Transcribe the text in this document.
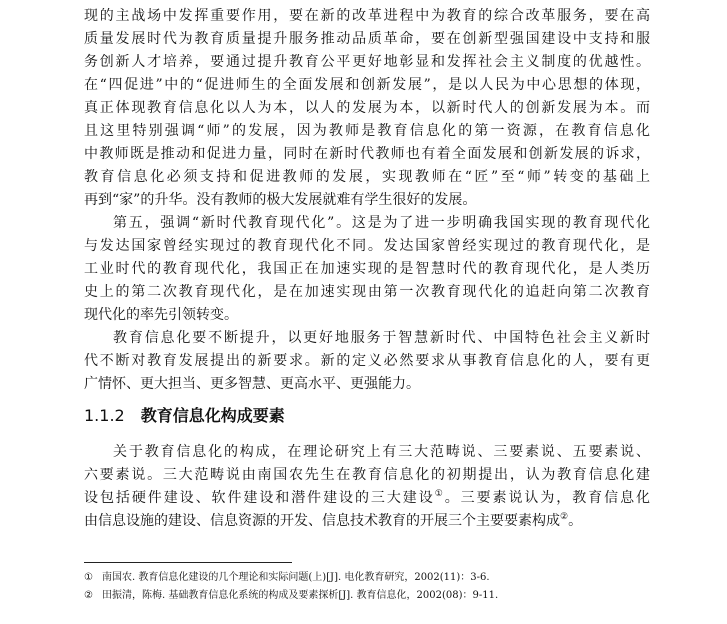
现的主战场中发挥重要作用，要在新的改革进程中为教育的综合改革服务，要在高
质量发展时代为教育质量提升服务推动品质革命，要在创新型强国建设中支持和服
务创新人才培养，要通过提升教育公平更好地彰显和发挥社会主义制度的优越性。
在“四促进”中的“促进师生的全面发展和创新发展”，是以人民为中心思想的体现，
真正体现教育信息化以人为本，以人的发展为本，以新时代人的创新发展为本。而
且这里特别强调“师”的发展，因为教师是教育信息化的第一资源，在教育信息化
中教师既是推动和促进力量，同时在新时代教师也有着全面发展和创新发展的诉求，
教育信息化必须支持和促进教师的发展，实现教师在“匠”至“师”转变的基础上
再到“家”的升华。没有教师的极大发展就难有学生很好的发展。
第五，强调“新时代教育现代化”。这是为了进一步明确我国实现的教育现代化
与发达国家曾经实现过的教育现代化不同。发达国家曾经实现过的教育现代化，是
工业时代的教育现代化，我国正在加速实现的是智慧时代的教育现代化，是人类历
史上的第二次教育现代化，是在加速实现由第一次教育现代化的追赶向第二次教育
现代化的率先引领转变。
教育信息化要不断提升，以更好地服务于智慧新时代、中国特色社会主义新时
代不断对教育发展提出的新要求。新的定义必然要求从事教育信息化的人，要有更
广情怀、更大担当、更多智慧、更高水平、更强能力。
1.1.2 教育信息化构成要素
关于教育信息化的构成，在理论研究上有三大范畴说、三要素说、五要素说、
六要素说。三大范畴说由南国农先生在教育信息化的初期提出，认为教育信息化建
设包括硬件建设、软件建设和潜件建设的三大建设①。三要素说认为，教育信息化
由信息设施的建设、信息资源的开发、信息技术教育的开展三个主要要素构成②。
① 南国农. 教育信息化建设的几个理论和实际问题(上)[J]. 电化教育研究，2002(11)：3-6.
② 田振清，陈梅. 基础教育信息化系统的构成及要素探析[J]. 教育信息化，2002(08)：9-11.
